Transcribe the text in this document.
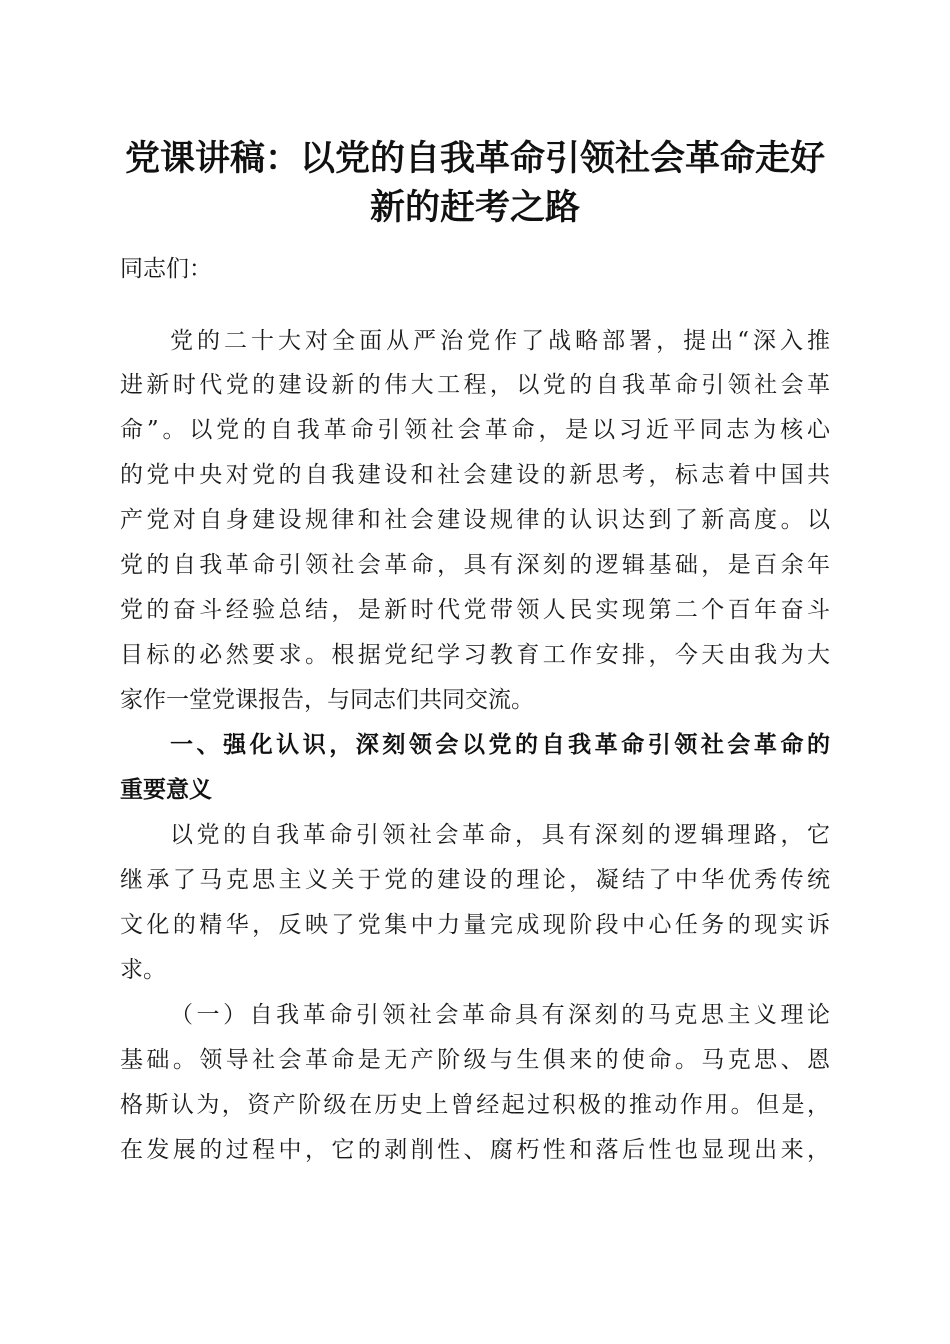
党课讲稿：以党的自我革命引领社会革命走好
新的赶考之路
同志们：
党的二十大对全面从严治党作了战略部署，提出“深入推
进新时代党的建设新的伟大工程，以党的自我革命引领社会革
命”。以党的自我革命引领社会革命，是以习近平同志为核心
的党中央对党的自我建设和社会建设的新思考，标志着中国共
产党对自身建设规律和社会建设规律的认识达到了新高度。以
党的自我革命引领社会革命，具有深刻的逻辑基础，是百余年
党的奋斗经验总结，是新时代党带领人民实现第二个百年奋斗
目标的必然要求。根据党纪学习教育工作安排，今天由我为大
家作一堂党课报告，与同志们共同交流。
一、强化认识，深刻领会以党的自我革命引领社会革命的
重要意义
以党的自我革命引领社会革命，具有深刻的逻辑理路，它
继承了马克思主义关于党的建设的理论，凝结了中华优秀传统
文化的精华，反映了党集中力量完成现阶段中心任务的现实诉
求。
（一）自我革命引领社会革命具有深刻的马克思主义理论
基础。领导社会革命是无产阶级与生俱来的使命。马克思、恩
格斯认为，资产阶级在历史上曾经起过积极的推动作用。但是，
在发展的过程中，它的剥削性、腐朽性和落后性也显现出来，
